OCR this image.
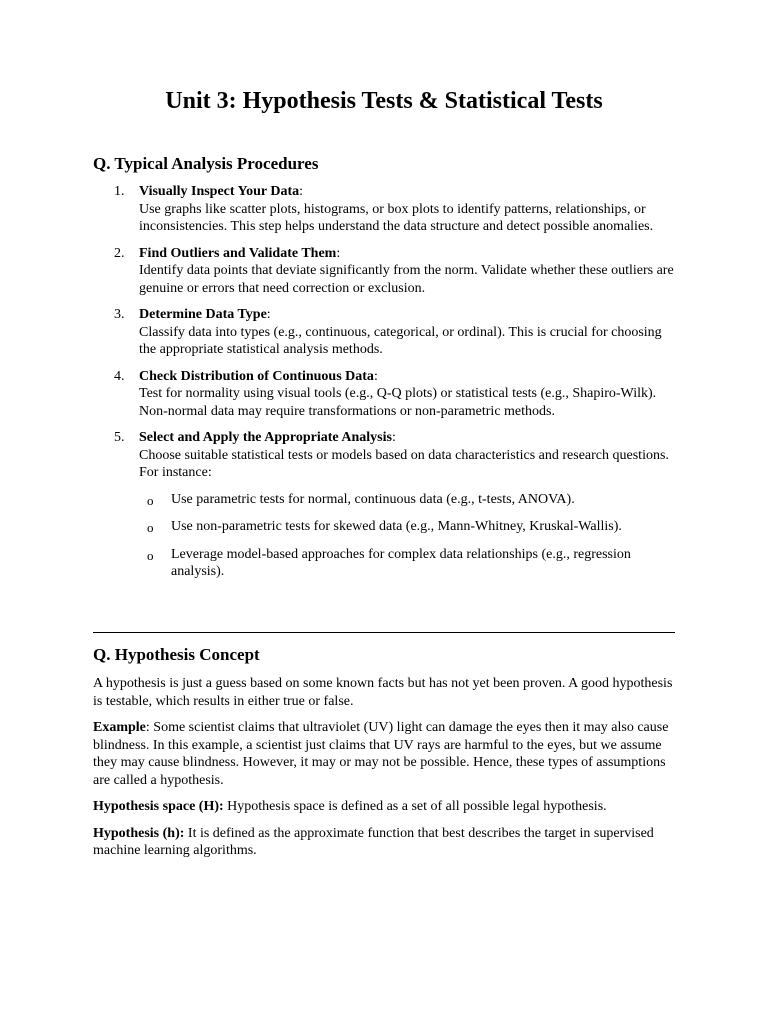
Unit 3: Hypothesis Tests & Statistical Tests
Q. Typical Analysis Procedures
1. Visually Inspect Your Data:
Use graphs like scatter plots, histograms, or box plots to identify patterns, relationships, or inconsistencies. This step helps understand the data structure and detect possible anomalies.
2. Find Outliers and Validate Them:
Identify data points that deviate significantly from the norm. Validate whether these outliers are genuine or errors that need correction or exclusion.
3. Determine Data Type:
Classify data into types (e.g., continuous, categorical, or ordinal). This is crucial for choosing the appropriate statistical analysis methods.
4. Check Distribution of Continuous Data:
Test for normality using visual tools (e.g., Q-Q plots) or statistical tests (e.g., Shapiro-Wilk). Non-normal data may require transformations or non-parametric methods.
5. Select and Apply the Appropriate Analysis:
Choose suitable statistical tests or models based on data characteristics and research questions. For instance:
o Use parametric tests for normal, continuous data (e.g., t-tests, ANOVA).
o Use non-parametric tests for skewed data (e.g., Mann-Whitney, Kruskal-Wallis).
o Leverage model-based approaches for complex data relationships (e.g., regression analysis).
Q. Hypothesis Concept

A hypothesis is just a guess based on some known facts but has not yet been proven. A good hypothesis is testable, which results in either true or false.

Example: Some scientist claims that ultraviolet (UV) light can damage the eyes then it may also cause blindness. In this example, a scientist just claims that UV rays are harmful to the eyes, but we assume they may cause blindness. However, it may or may not be possible. Hence, these types of assumptions are called a hypothesis.

Hypothesis space (H): Hypothesis space is defined as a set of all possible legal hypothesis.

Hypothesis (h): It is defined as the approximate function that best describes the target in supervised machine learning algorithms.
